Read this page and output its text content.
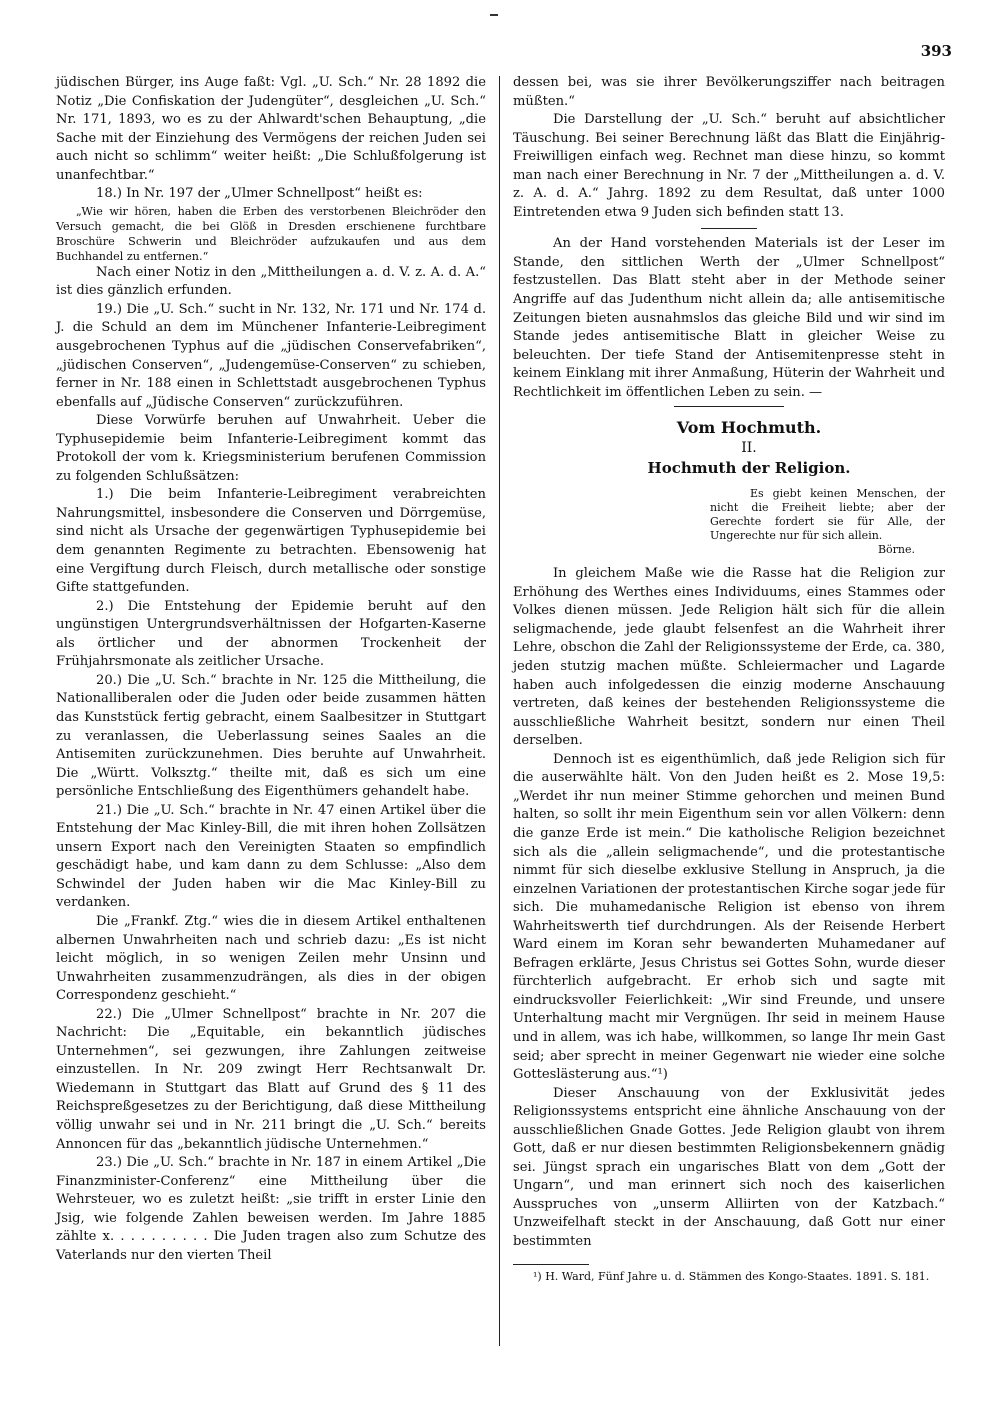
393

jüdischen Bürger, ins Auge faßt: Vgl. „U. Sch.“ Nr. 28 1892 die Notiz „Die Confiskation der Judengüter“, desgleichen „U. Sch.“ Nr. 171, 1893, wo es zu der Ahlwardt'schen Behauptung, „die Sache mit der Einziehung des Vermögens der reichen Juden sei auch nicht so schlimm“ weiter heißt: „Die Schlußfolgerung ist unanfechtbar.“

18.) In Nr. 197 der „Ulmer Schnellpost“ heißt es:

„Wie wir hören, haben die Erben des verstorbenen Bleichröder den Versuch gemacht, die bei Glöß in Dresden erschienene furchtbare Broschüre Schwerin und Bleichröder aufzukaufen und aus dem Buchhandel zu entfernen.“

Nach einer Notiz in den „Mittheilungen a. d. V. z. A. d. A.“ ist dies gänzlich erfunden.

19.) Die „U. Sch.“ sucht in Nr. 132, Nr. 171 und Nr. 174 d. J. die Schuld an dem im Münchener Infanterie-Leibregiment ausgebrochenen Typhus auf die „jüdischen Conservefabriken“, „jüdischen Conserven“, „Judengemüse-Conserven“ zu schieben, ferner in Nr. 188 einen in Schlettstadt ausgebrochenen Typhus ebenfalls auf „Jüdische Conserven“ zurückzuführen.

Diese Vorwürfe beruhen auf Unwahrheit. Ueber die Typhusepidemie beim Infanterie-Leibregiment kommt das Protokoll der vom k. Kriegsministerium berufenen Commission zu folgenden Schlußsätzen:

1.) Die beim Infanterie-Leibregiment verabreichten Nahrungsmittel, insbesondere die Conserven und Dörrgemüse, sind nicht als Ursache der gegenwärtigen Typhusepidemie bei dem genannten Regimente zu betrachten. Ebensowenig hat eine Vergiftung durch Fleisch, durch metallische oder sonstige Gifte stattgefunden.

2.) Die Entstehung der Epidemie beruht auf den ungünstigen Untergrundsverhältnissen der Hofgarten-Kaserne als örtlicher und der abnormen Trockenheit der Frühjahrsmonate als zeitlicher Ursache.

20.) Die „U. Sch.“ brachte in Nr. 125 die Mittheilung, die Nationalliberalen oder die Juden oder beide zusammen hätten das Kunststück fertig gebracht, einem Saalbesitzer in Stuttgart zu veranlassen, die Ueberlassung seines Saales an die Antisemiten zurückzunehmen. Dies beruhte auf Unwahrheit. Die „Württ. Volksztg.“ theilte mit, daß es sich um eine persönliche Entschließung des Eigenthümers gehandelt habe.

21.) Die „U. Sch.“ brachte in Nr. 47 einen Artikel über die Entstehung der Mac Kinley-Bill, die mit ihren hohen Zollsätzen unsern Export nach den Vereinigten Staaten so empfindlich geschädigt habe, und kam dann zu dem Schlusse: „Also dem Schwindel der Juden haben wir die Mac Kinley-Bill zu verdanken.

Die „Frankf. Ztg.“ wies die in diesem Artikel enthaltenen albernen Unwahrheiten nach und schrieb dazu: „Es ist nicht leicht möglich, in so wenigen Zeilen mehr Unsinn und Unwahrheiten zusammenzudrängen, als dies in der obigen Correspondenz geschieht.“

22.) Die „Ulmer Schnellpost“ brachte in Nr. 207 die Nachricht: Die „Equitable, ein bekanntlich jüdisches Unternehmen“, sei gezwungen, ihre Zahlungen zeitweise einzustellen. In Nr. 209 zwingt Herr Rechtsanwalt Dr. Wiedemann in Stuttgart das Blatt auf Grund des § 11 des Reichspreßgesetzes zu der Berichtigung, daß diese Mittheilung völlig unwahr sei und in Nr. 211 bringt die „U. Sch.“ bereits Annoncen für das „bekanntlich jüdische Unternehmen.“

23.) Die „U. Sch.“ brachte in Nr. 187 in einem Artikel „Die Finanzminister-Conferenz“ eine Mittheilung über die Wehrsteuer, wo es zuletzt heißt: „sie trifft in erster Linie den Jsig, wie folgende Zahlen beweisen werden. Im Jahre 1885 zählte x. . . . . . . . . . Die Juden tragen also zum Schutze des Vaterlands nur den vierten Theil

dessen bei, was sie ihrer Bevölkerungsziffer nach beitragen müßten.“

Die Darstellung der „U. Sch.“ beruht auf absichtlicher Täuschung. Bei seiner Berechnung läßt das Blatt die Einjährig-Freiwilligen einfach weg. Rechnet man diese hinzu, so kommt man nach einer Berechnung in Nr. 7 der „Mittheilungen a. d. V. z. A. d. A.“ Jahrg. 1892 zu dem Resultat, daß unter 1000 Eintretenden etwa 9 Juden sich befinden statt 13.

An der Hand vorstehenden Materials ist der Leser im Stande, den sittlichen Werth der „Ulmer Schnellpost“ festzustellen. Das Blatt steht aber in der Methode seiner Angriffe auf das Judenthum nicht allein da; alle antisemitische Zeitungen bieten ausnahmslos das gleiche Bild und wir sind im Stande jedes antisemitische Blatt in gleicher Weise zu beleuchten. Der tiefe Stand der Antisemitenpresse steht in keinem Einklang mit ihrer Anmaßung, Hüterin der Wahrheit und Rechtlichkeit im öffentlichen Leben zu sein. —

Vom Hochmuth.

II.

Hochmuth der Religion.

Es giebt keinen Menschen, der nicht die Freiheit liebte; aber der Gerechte fordert sie für Alle, der Ungerechte nur für sich allein.

Börne.

In gleichem Maße wie die Rasse hat die Religion zur Erhöhung des Werthes eines Individuums, eines Stammes oder Volkes dienen müssen. Jede Religion hält sich für die allein seligmachende, jede glaubt felsenfest an die Wahrheit ihrer Lehre, obschon die Zahl der Religionssysteme der Erde, ca. 380, jeden stutzig machen müßte. Schleiermacher und Lagarde haben auch infolgedessen die einzig moderne Anschauung vertreten, daß keines der bestehenden Religionssysteme die ausschließliche Wahrheit besitzt, sondern nur einen Theil derselben.

Dennoch ist es eigenthümlich, daß jede Religion sich für die auserwählte hält. Von den Juden heißt es 2. Mose 19,5: „Werdet ihr nun meiner Stimme gehorchen und meinen Bund halten, so sollt ihr mein Eigenthum sein vor allen Völkern: denn die ganze Erde ist mein.“ Die katholische Religion bezeichnet sich als die „allein seligmachende“, und die protestantische nimmt für sich dieselbe exklusive Stellung in Anspruch, ja die einzelnen Variationen der protestantischen Kirche sogar jede für sich. Die muhamedanische Religion ist ebenso von ihrem Wahrheitswerth tief durchdrungen. Als der Reisende Herbert Ward einem im Koran sehr bewanderten Muhamedaner auf Befragen erklärte, Jesus Christus sei Gottes Sohn, wurde dieser fürchterlich aufgebracht. Er erhob sich und sagte mit eindrucksvoller Feierlichkeit: „Wir sind Freunde, und unsere Unterhaltung macht mir Vergnügen. Ihr seid in meinem Hause und in allem, was ich habe, willkommen, so lange Ihr mein Gast seid; aber sprecht in meiner Gegenwart nie wieder eine solche Gotteslästerung aus.“¹)

Dieser Anschauung von der Exklusivität jedes Religionssystems entspricht eine ähnliche Anschauung von der ausschließlichen Gnade Gottes. Jede Religion glaubt von ihrem Gott, daß er nur diesen bestimmten Religionsbekennern gnädig sei. Jüngst sprach ein ungarisches Blatt von dem „Gott der Ungarn“, und man erinnert sich noch des kaiserlichen Ausspruches von „unserm Alliirten von der Katzbach.“ Unzweifelhaft steckt in der Anschauung, daß Gott nur einer bestimmten

¹) H. Ward, Fünf Jahre u. d. Stämmen des Kongo-Staates. 1891. S. 181.
